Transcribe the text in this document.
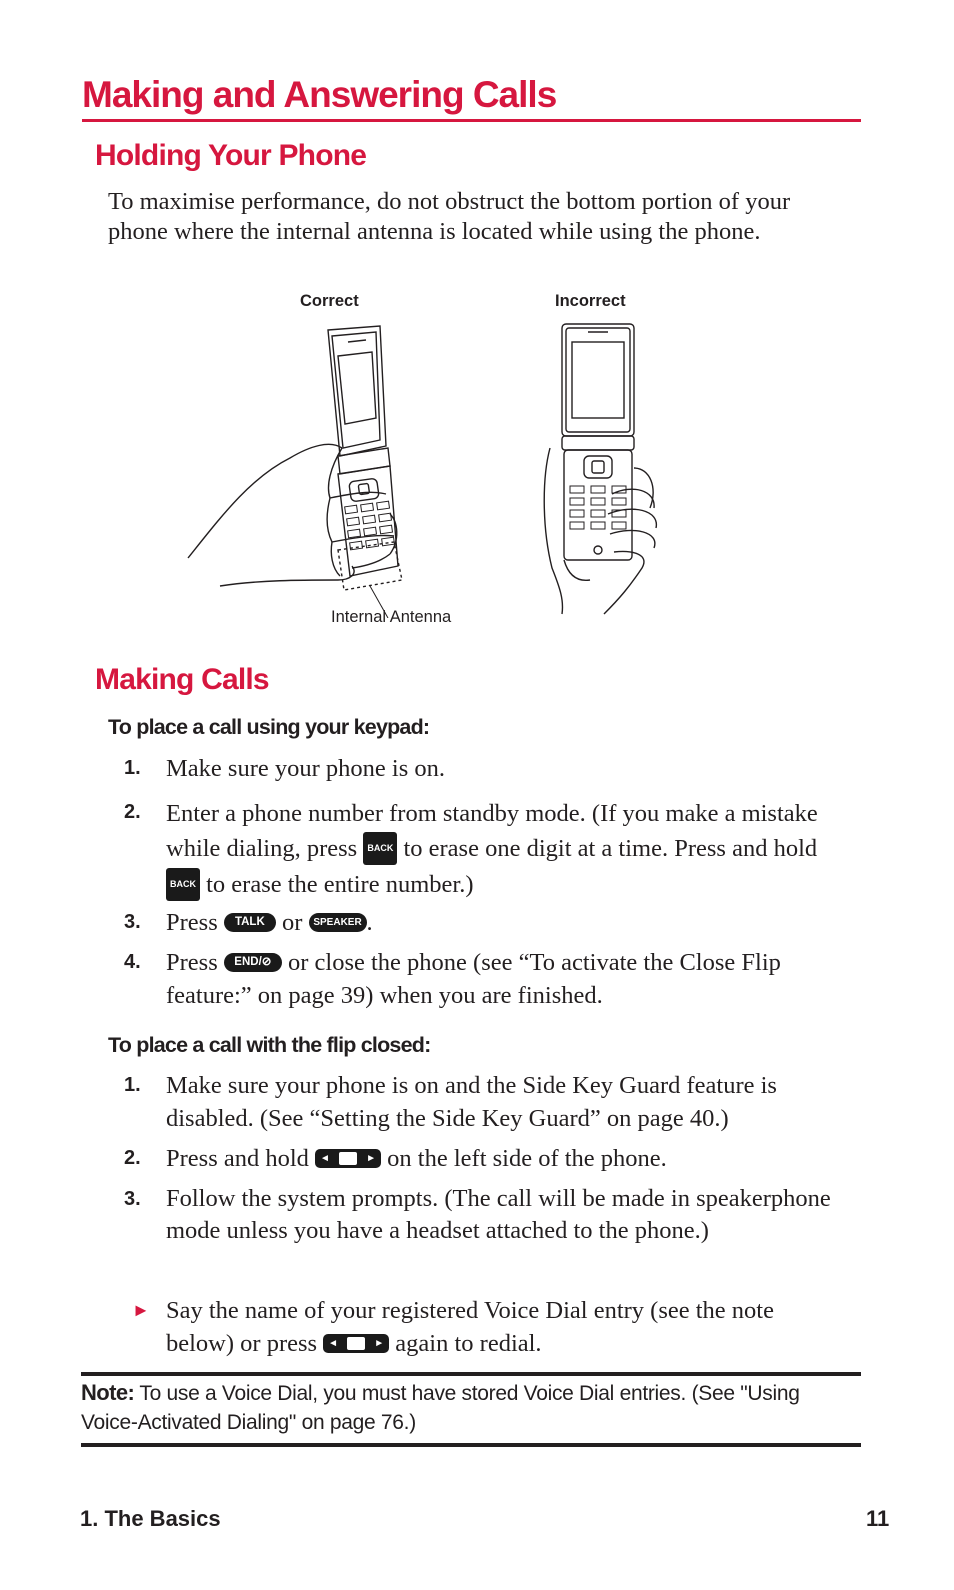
Making and Answering Calls
Holding Your Phone
To maximise performance, do not obstruct the bottom portion of your phone where the internal antenna is located while using the phone.
Correct	Incorrect
Internal Antenna
Making Calls
To place a call using your keypad:
1. Make sure your phone is on.
2. Enter a phone number from standby mode. (If you make a mistake while dialing, press BACK to erase one digit at a time. Press and hold BACK to erase the entire number.)
3. Press TALK or SPEAKER .
4. Press END/⊘ or close the phone (see “To activate the Close Flip feature:” on page 39) when you are finished.
To place a call with the flip closed:
1. Make sure your phone is on and the Side Key Guard feature is disabled. (See “Setting the Side Key Guard” on page 40.)
2. Press and hold ◄	► on the left side of the phone.
3. Follow the system prompts. (The call will be made in speakerphone mode unless you have a headset attached to the phone.)
► Say the name of your registered Voice Dial entry (see the note below) or press ◄	► again to redial.
Note: To use a Voice Dial, you must have stored Voice Dial entries. (See "Using Voice-Activated Dialing" on page 76.)
1. The Basics	11
